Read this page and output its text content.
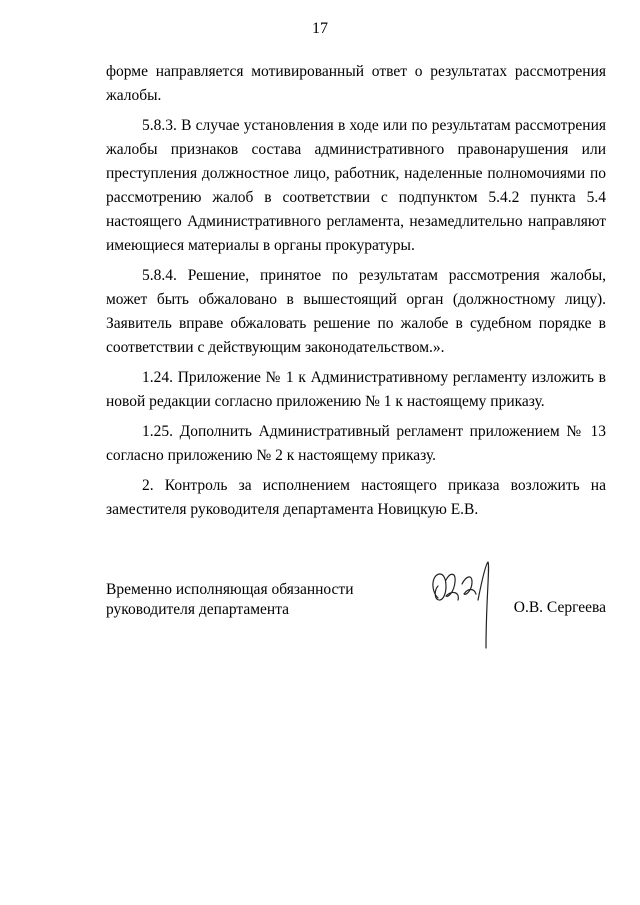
17

форме направляется мотивированный ответ о результатах рассмотрения жалобы.

5.8.3. В случае установления в ходе или по результатам рассмотрения жалобы признаков состава административного правонарушения или преступления должностное лицо, работник, наделенные полномочиями по рассмотрению жалоб в соответствии с подпунктом 5.4.2 пункта 5.4 настоящего Административного регламента, незамедлительно направляют имеющиеся материалы в органы прокуратуры.

5.8.4. Решение, принятое по результатам рассмотрения жалобы, может быть обжаловано в вышестоящий орган (должностному лицу). Заявитель вправе обжаловать решение по жалобе в судебном порядке в соответствии с действующим законодательством.».

1.24. Приложение № 1 к Административному регламенту изложить в новой редакции согласно приложению № 1 к настоящему приказу.

1.25. Дополнить Административный регламент приложением № 13 согласно приложению № 2 к настоящему приказу.

2. Контроль за исполнением настоящего приказа возложить на заместителя руководителя департамента Новицкую Е.В.

Временно исполняющая обязанности
руководителя департамента	О.В. Сергеева
